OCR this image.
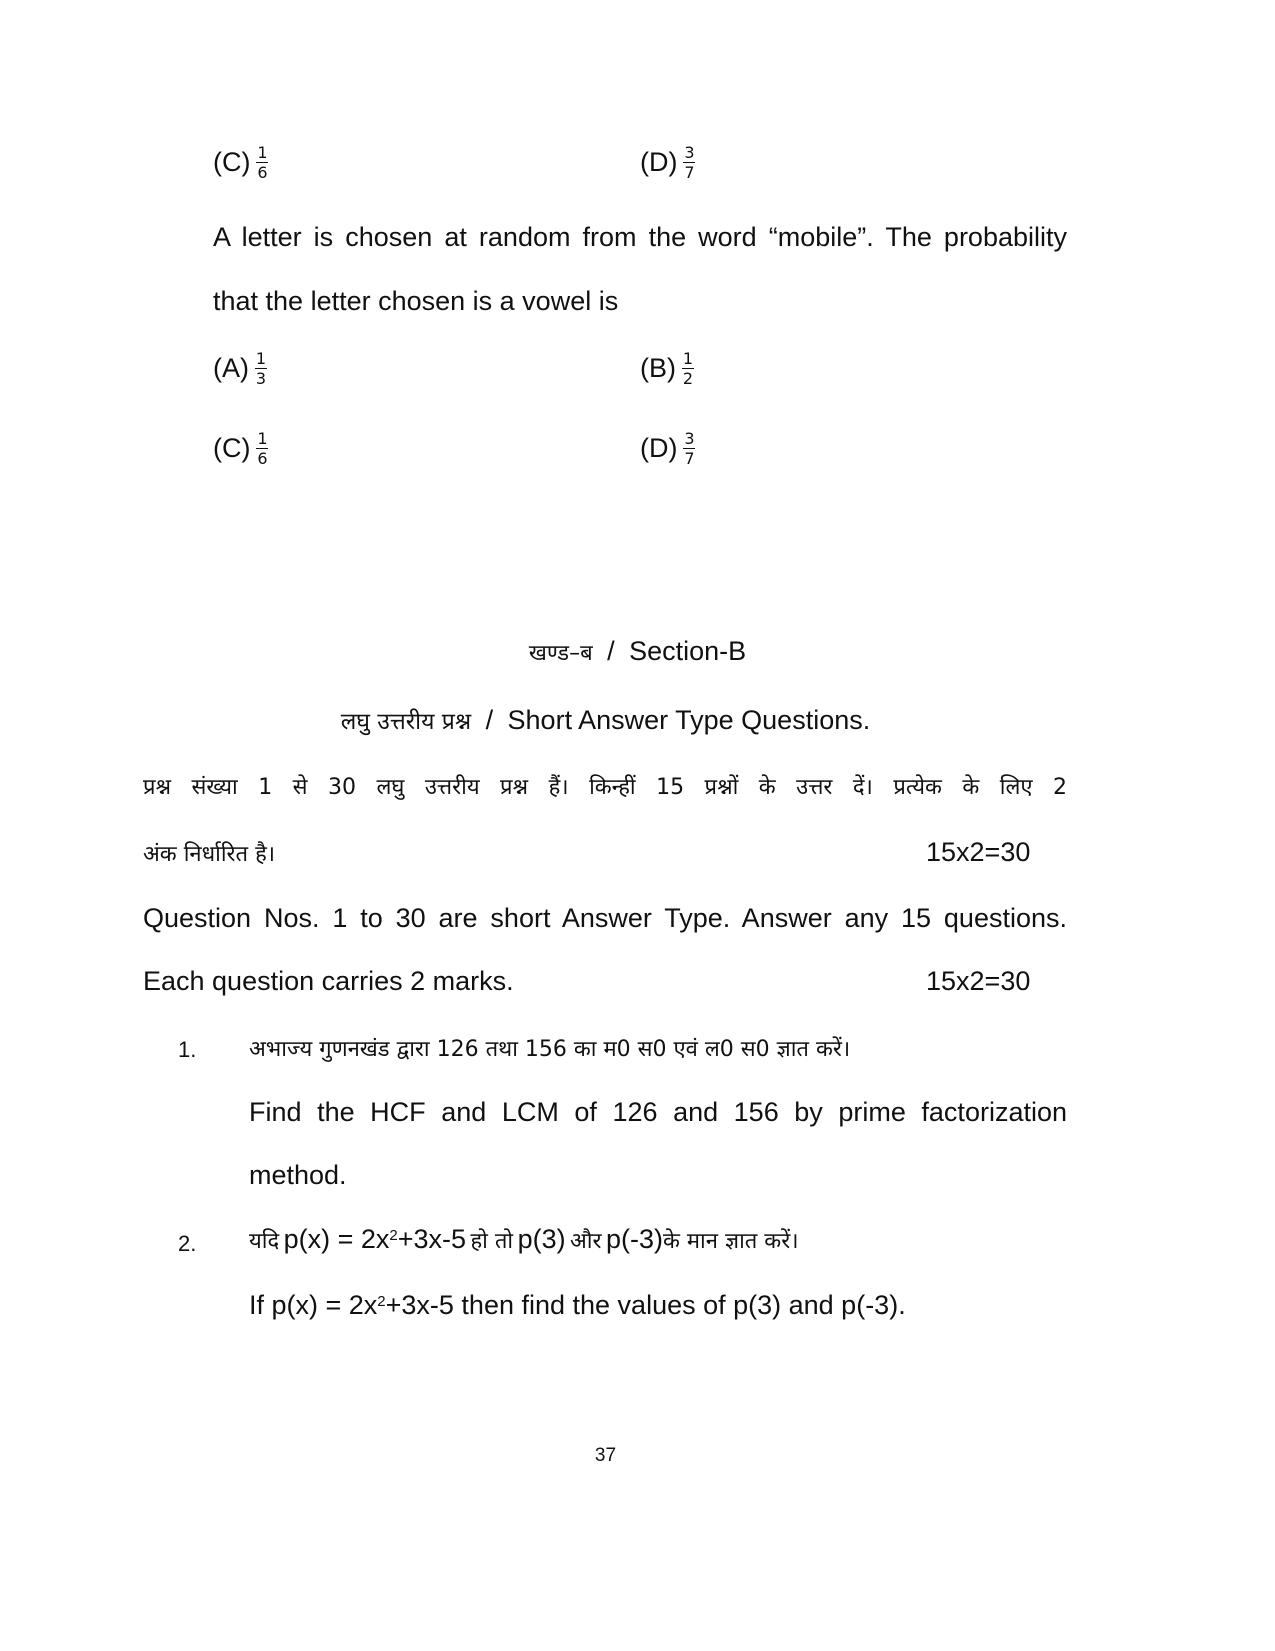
$(C) \frac{1}{6}$	$(D) \frac{3}{7}$
A letter is chosen at random from the word “mobile”. The probability
that the letter chosen is a vowel is
$(A) \frac{1}{3}$	$(B) \frac{1}{2}$
$(C) \frac{1}{6}$	$(D) \frac{3}{7}$
खण्ड–ब / Section-B
लघु उत्तरीय प्रश्न / Short Answer Type Questions.
प्रश्न संख्या 1 से 30 लघु उत्तरीय प्रश्न हैं। किन्हीं 15 प्रश्नों के उत्तर दें। प्रत्येक के लिए 2
अंक निर्धारित है।	15x2=30
Question Nos. 1 to 30 are short Answer Type. Answer any 15 questions.
Each question carries 2 marks.	15x2=30
1. अभाज्य गुणनखंड द्वारा 126 तथा 156 का म0 स0 एवं ल0 स0 ज्ञात करें।
Find the HCF and LCM of 126 and 156 by prime factorization
method.
2. यदि $p(x) = 2x^2+3x-5$ हो तो p(3) और p(-3)के मान ज्ञात करें।
If $p(x) = 2x^2+3x-5$ then find the values of p(3) and p(-3).
37
